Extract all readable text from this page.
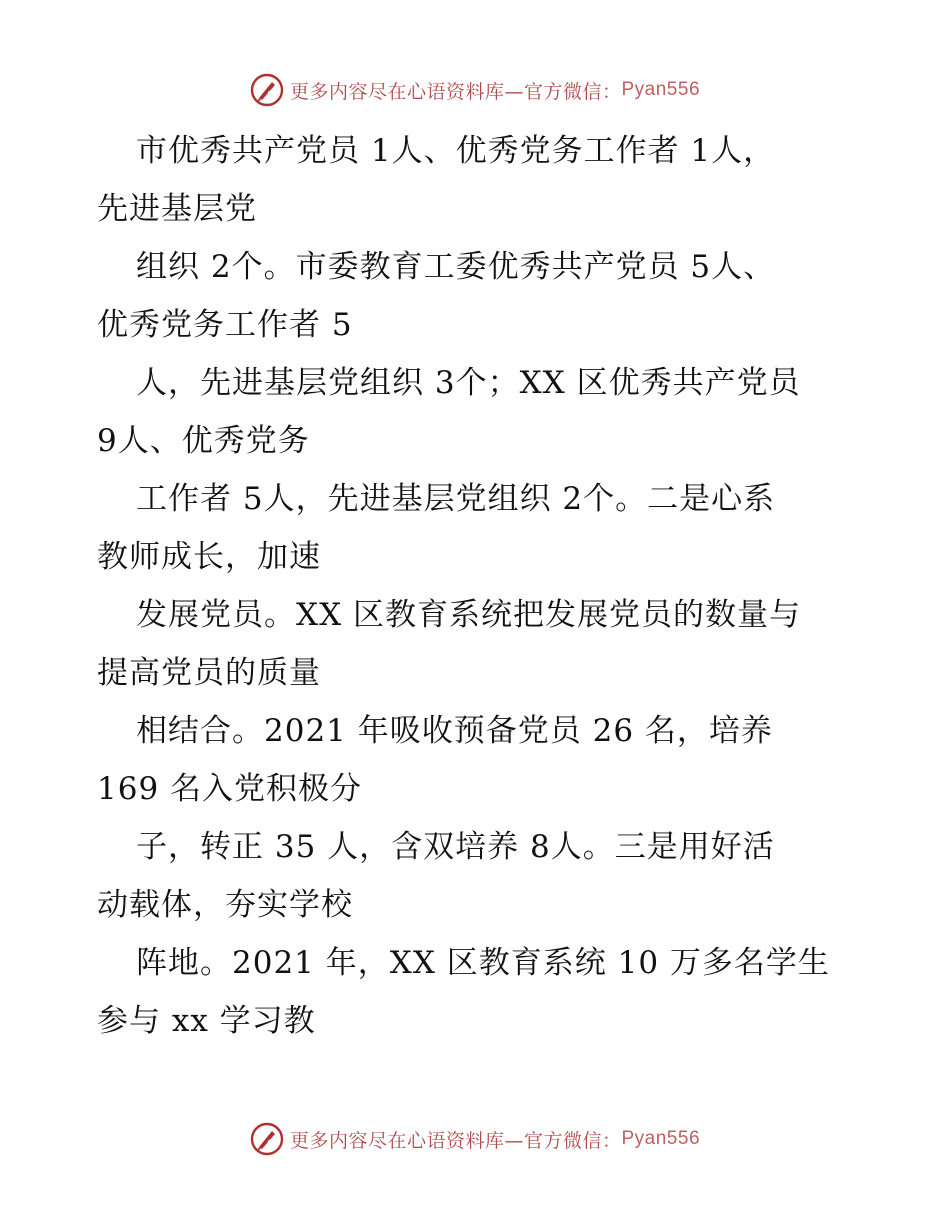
更多内容尽在心语资料库—官方微信： Pyan556
市优秀共产党员 1人、优秀党务工作者 1人，
先进基层党
组织 2个。市委教育工委优秀共产党员 5人、
优秀党务工作者 5
人，先进基层党组织 3个；XX 区优秀共产党员
9人、优秀党务
工作者 5人，先进基层党组织 2个。二是心系
教师成长，加速
发展党员。XX 区教育系统把发展党员的数量与
提高党员的质量
相结合。2021 年吸收预备党员 26 名，培养
169 名入党积极分
子，转正 35 人，含双培养 8人。三是用好活
动载体，夯实学校
阵地。2021 年，XX 区教育系统 10 万多名学生
参与 xx 学习教
更多内容尽在心语资料库—官方微信： Pyan556
